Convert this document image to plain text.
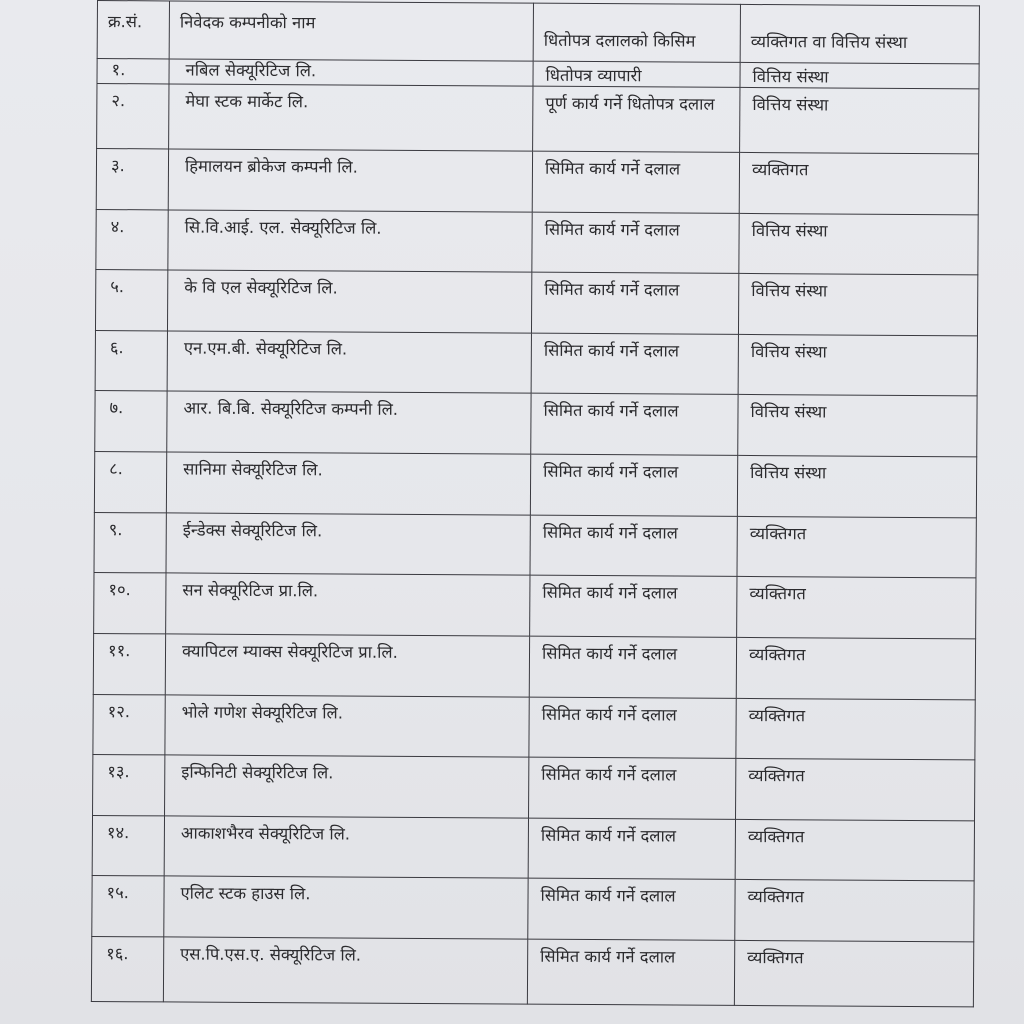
क्र.सं.	निवेदक कम्पनीको नाम	धितोपत्र दलालको किसिम	व्यक्तिगत वा वित्तिय संस्था
१.	नबिल सेक्यूरिटिज लि.	धितोपत्र व्यापारी	वित्तिय संस्था
२.	मेघा स्टक मार्केट लि.	पूर्ण कार्य गर्ने धितोपत्र दलाल	वित्तिय संस्था
३.	हिमालयन ब्रोकेज कम्पनी लि.	सिमित कार्य गर्ने दलाल	व्यक्तिगत
४.	सि.वि.आई. एल. सेक्यूरिटिज लि.	सिमित कार्य गर्ने दलाल	वित्तिय संस्था
५.	के वि एल सेक्यूरिटिज लि.	सिमित कार्य गर्ने दलाल	वित्तिय संस्था
६.	एन.एम.बी. सेक्यूरिटिज लि.	सिमित कार्य गर्ने दलाल	वित्तिय संस्था
७.	आर. बि.बि. सेक्यूरिटिज कम्पनी लि.	सिमित कार्य गर्ने दलाल	वित्तिय संस्था
८.	सानिमा सेक्यूरिटिज लि.	सिमित कार्य गर्ने दलाल	वित्तिय संस्था
९.	ईन्डेक्स सेक्यूरिटिज लि.	सिमित कार्य गर्ने दलाल	व्यक्तिगत
१०.	सन सेक्यूरिटिज प्रा.लि.	सिमित कार्य गर्ने दलाल	व्यक्तिगत
११.	क्यापिटल म्याक्स सेक्यूरिटिज प्रा.लि.	सिमित कार्य गर्ने दलाल	व्यक्तिगत
१२.	भोले गणेश सेक्यूरिटिज लि.	सिमित कार्य गर्ने दलाल	व्यक्तिगत
१३.	इन्फिनिटी सेक्यूरिटिज लि.	सिमित कार्य गर्ने दलाल	व्यक्तिगत
१४.	आकाशभैरव सेक्यूरिटिज लि.	सिमित कार्य गर्ने दलाल	व्यक्तिगत
१५.	एलिट स्टक हाउस लि.	सिमित कार्य गर्ने दलाल	व्यक्तिगत
१६.	एस.पि.एस.ए. सेक्यूरिटिज लि.	सिमित कार्य गर्ने दलाल	व्यक्तिगत
